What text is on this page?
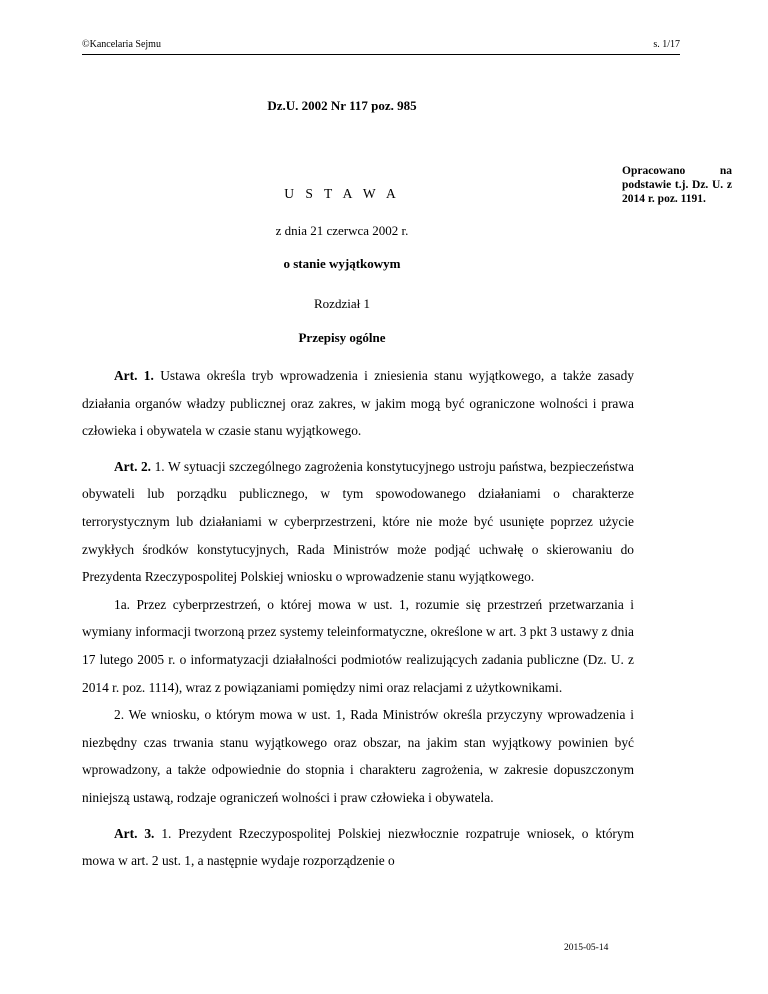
©Kancelaria Sejmu	s. 1/17
Dz.U. 2002 Nr 117 poz. 985
Opracowano na podstawie t.j. Dz. U. z 2014 r. poz. 1191.
U S T A W A
z dnia 21 czerwca 2002 r.
o stanie wyjątkowym
Rozdział 1
Przepisy ogólne

Art. 1. Ustawa określa tryb wprowadzenia i zniesienia stanu wyjątkowego, a także zasady działania organów władzy publicznej oraz zakres, w jakim mogą być ograniczone wolności i prawa człowieka i obywatela w czasie stanu wyjątkowego.

Art. 2. 1. W sytuacji szczególnego zagrożenia konstytucyjnego ustroju państwa, bezpieczeństwa obywateli lub porządku publicznego, w tym spowodowanego działaniami o charakterze terrorystycznym lub działaniami w cyberprzestrzeni, które nie może być usunięte poprzez użycie zwykłych środków konstytucyjnych, Rada Ministrów może podjąć uchwałę o skierowaniu do Prezydenta Rzeczypospolitej Polskiej wniosku o wprowadzenie stanu wyjątkowego.

1a. Przez cyberprzestrzeń, o której mowa w ust. 1, rozumie się przestrzeń przetwarzania i wymiany informacji tworzoną przez systemy teleinformatyczne, określone w art. 3 pkt 3 ustawy z dnia 17 lutego 2005 r. o informatyzacji działalności podmiotów realizujących zadania publiczne (Dz. U. z 2014 r. poz. 1114), wraz z powiązaniami pomiędzy nimi oraz relacjami z użytkownikami.

2. We wniosku, o którym mowa w ust. 1, Rada Ministrów określa przyczyny wprowadzenia i niezbędny czas trwania stanu wyjątkowego oraz obszar, na jakim stan wyjątkowy powinien być wprowadzony, a także odpowiednie do stopnia i charakteru zagrożenia, w zakresie dopuszczonym niniejszą ustawą, rodzaje ograniczeń wolności i praw człowieka i obywatela.

Art. 3. 1. Prezydent Rzeczypospolitej Polskiej niezwłocznie rozpatruje wniosek, o którym mowa w art. 2 ust. 1, a następnie wydaje rozporządzenie o

2015-05-14
